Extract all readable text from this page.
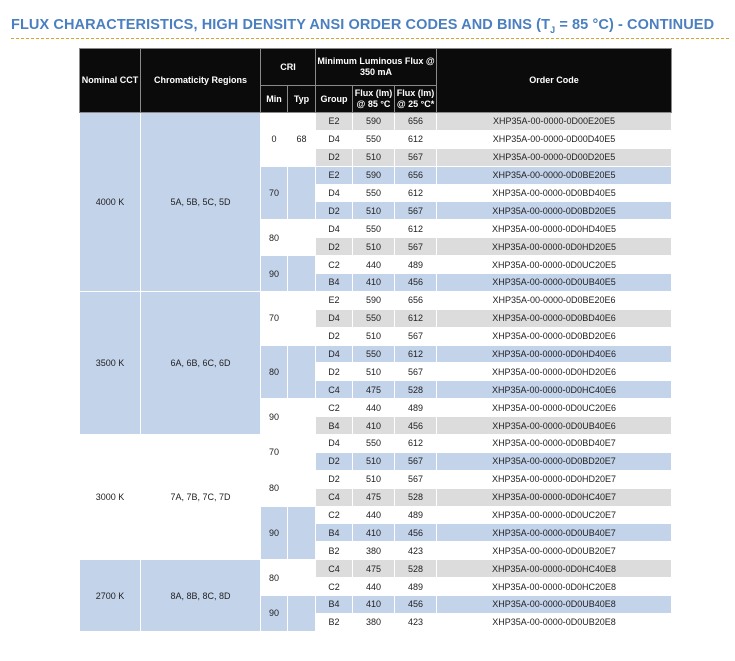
FLUX CHARACTERISTICS, HIGH DENSITY ANSI ORDER CODES AND BINS ($T_J = 85$ °C) - CONTINUED
Nominal CCT	Chromaticity Regions	CRI		Minimum Luminous Flux @ 350 mA			Order Code
		Min	Typ	Group	Flux (lm) @ 85 °C	Flux (lm) @ 25 °C*	
4000 K	5A, 5B, 5C, 5D	0	68	E2	590	656	XHP35A-00-0000-0D00E20E5
				D4	550	612	XHP35A-00-0000-0D00D40E5
				D2	510	567	XHP35A-00-0000-0D00D20E5
		70		E2	590	656	XHP35A-00-0000-0D0BE20E5
				D4	550	612	XHP35A-00-0000-0D0BD40E5
				D2	510	567	XHP35A-00-0000-0D0BD20E5
		80		D4	550	612	XHP35A-00-0000-0D0HD40E5
				D2	510	567	XHP35A-00-0000-0D0HD20E5
		90		C2	440	489	XHP35A-00-0000-0D0UC20E5
				B4	410	456	XHP35A-00-0000-0D0UB40E5
3500 K	6A, 6B, 6C, 6D	70		E2	590	656	XHP35A-00-0000-0D0BE20E6
				D4	550	612	XHP35A-00-0000-0D0BD40E6
				D2	510	567	XHP35A-00-0000-0D0BD20E6
		80		D4	550	612	XHP35A-00-0000-0D0HD40E6
				D2	510	567	XHP35A-00-0000-0D0HD20E6
				C4	475	528	XHP35A-00-0000-0D0HC40E6
		90		C2	440	489	XHP35A-00-0000-0D0UC20E6
				B4	410	456	XHP35A-00-0000-0D0UB40E6
3000 K	7A, 7B, 7C, 7D	70		D4	550	612	XHP35A-00-0000-0D0BD40E7
				D2	510	567	XHP35A-00-0000-0D0BD20E7
		80		D2	510	567	XHP35A-00-0000-0D0HD20E7
				C4	475	528	XHP35A-00-0000-0D0HC40E7
		90		C2	440	489	XHP35A-00-0000-0D0UC20E7
				B4	410	456	XHP35A-00-0000-0D0UB40E7
				B2	380	423	XHP35A-00-0000-0D0UB20E7
2700 K	8A, 8B, 8C, 8D	80		C4	475	528	XHP35A-00-0000-0D0HC40E8
				C2	440	489	XHP35A-00-0000-0D0HC20E8
		90		B4	410	456	XHP35A-00-0000-0D0UB40E8
				B2	380	423	XHP35A-00-0000-0D0UB20E8
